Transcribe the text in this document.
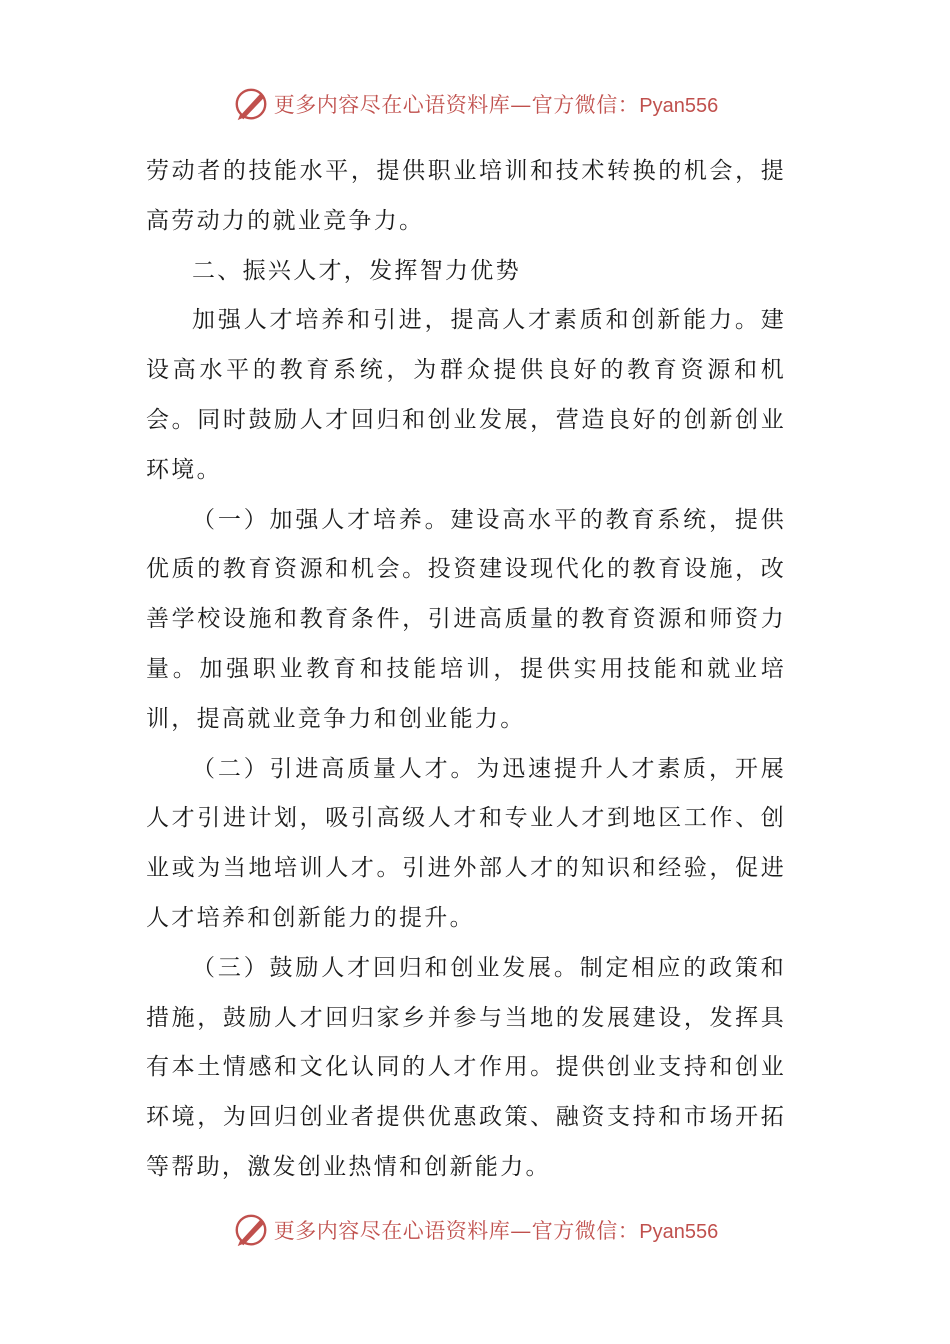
更多内容尽在心语资料库—官方微信：Pyan556

劳动者的技能水平，提供职业培训和技术转换的机会，提高劳动力的就业竞争力。

二、振兴人才，发挥智力优势

加强人才培养和引进，提高人才素质和创新能力。建设高水平的教育系统，为群众提供良好的教育资源和机会。同时鼓励人才回归和创业发展，营造良好的创新创业环境。

（一）加强人才培养。建设高水平的教育系统，提供优质的教育资源和机会。投资建设现代化的教育设施，改善学校设施和教育条件，引进高质量的教育资源和师资力量。加强职业教育和技能培训，提供实用技能和就业培训，提高就业竞争力和创业能力。

（二）引进高质量人才。为迅速提升人才素质，开展人才引进计划，吸引高级人才和专业人才到地区工作、创业或为当地培训人才。引进外部人才的知识和经验，促进人才培养和创新能力的提升。

（三）鼓励人才回归和创业发展。制定相应的政策和措施，鼓励人才回归家乡并参与当地的发展建设，发挥具有本土情感和文化认同的人才作用。提供创业支持和创业环境，为回归创业者提供优惠政策、融资支持和市场开拓等帮助，激发创业热情和创新能力。

更多内容尽在心语资料库—官方微信：Pyan556
